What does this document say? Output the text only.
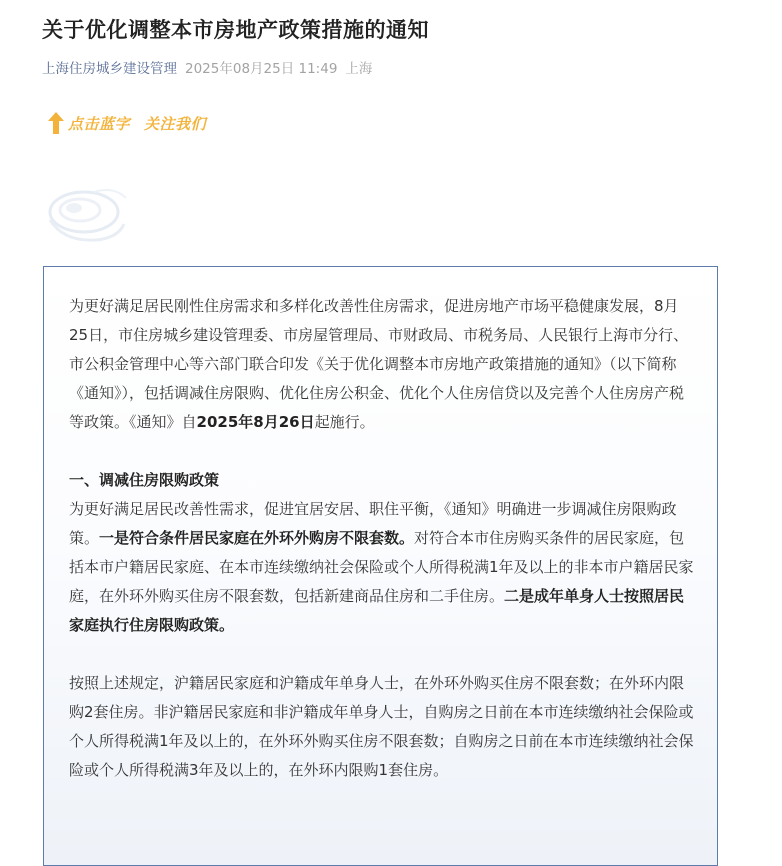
关于优化调整本市房地产政策措施的通知
上海住房城乡建设管理 2025年08月25日 11:49 上海
点击蓝字 关注我们

为更好满足居民刚性住房需求和多样化改善性住房需求，促进房地产市场平稳健康发展，8月25日，市住房城乡建设管理委、市房屋管理局、市财政局、市税务局、人民银行上海市分行、市公积金管理中心等六部门联合印发《关于优化调整本市房地产政策措施的通知》（以下简称《通知》），包括调减住房限购、优化住房公积金、优化个人住房信贷以及完善个人住房房产税等政策。《通知》自2025年8月26日起施行。

一、调减住房限购政策

为更好满足居民改善性需求，促进宜居安居、职住平衡，《通知》明确进一步调减住房限购政策。一是符合条件居民家庭在外环外购房不限套数。对符合本市住房购买条件的居民家庭，包括本市户籍居民家庭、在本市连续缴纳社会保险或个人所得税满1年及以上的非本市户籍居民家庭，在外环外购买住房不限套数，包括新建商品住房和二手住房。二是成年单身人士按照居民家庭执行住房限购政策。

按照上述规定，沪籍居民家庭和沪籍成年单身人士，在外环外购买住房不限套数；在外环内限购2套住房。非沪籍居民家庭和非沪籍成年单身人士，自购房之日前在本市连续缴纳社会保险或个人所得税满1年及以上的，在外环外购买住房不限套数；自购房之日前在本市连续缴纳社会保险或个人所得税满3年及以上的，在外环内限购1套住房。
